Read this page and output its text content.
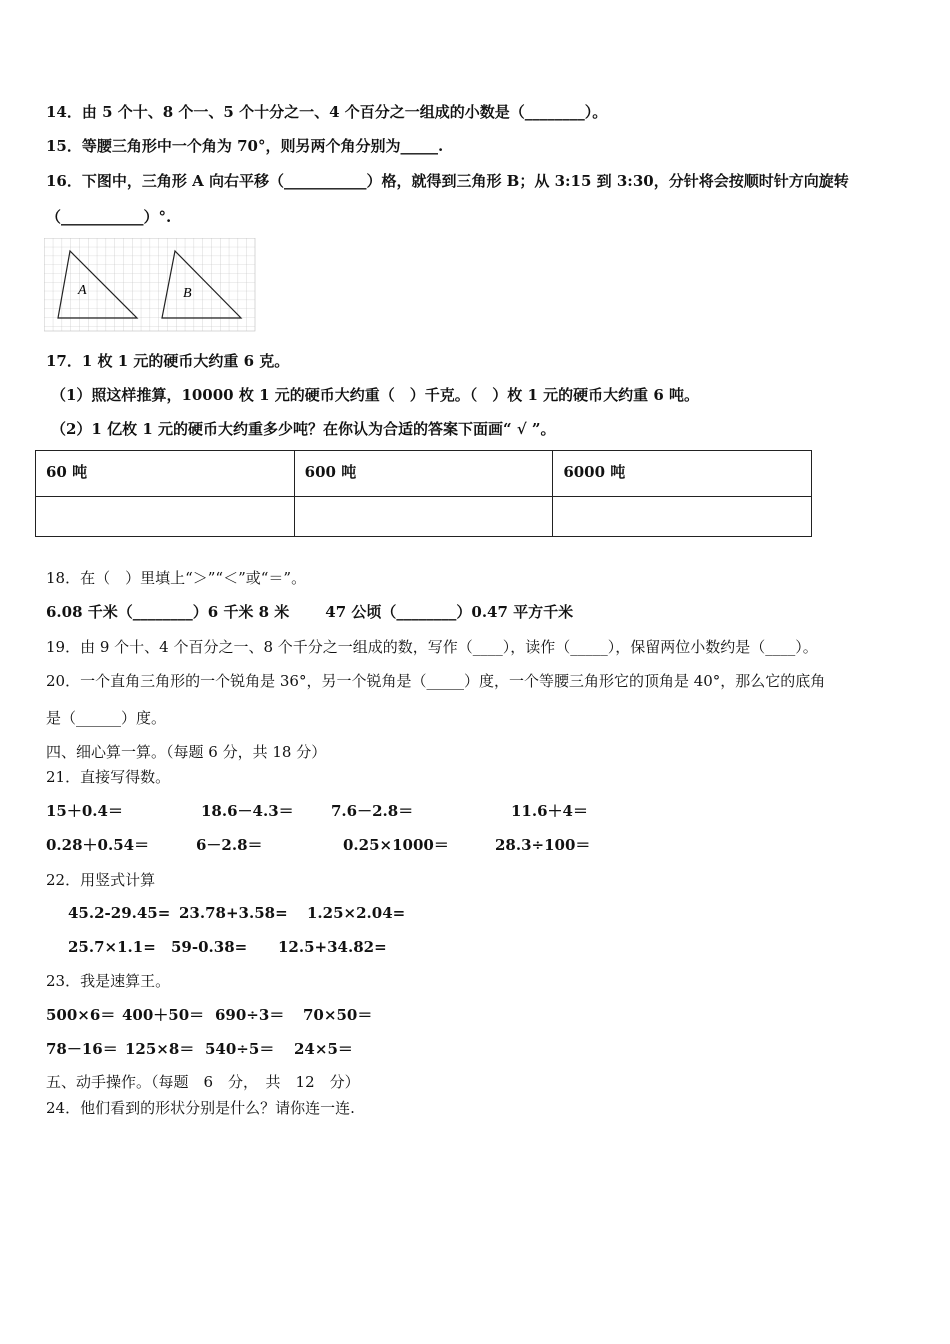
14．由 5 个十、8 个一、5 个十分之一、4 个百分之一组成的小数是（________）。
15．等腰三角形中一个角为 70°，则另两个角分别为_____.
16．下图中，三角形 A 向右平移（___________）格，就得到三角形 B；从 3:15 到 3:30，分针将会按顺时针方向旋转
（___________）°.
A	B
17．1 枚 1 元的硬币大约重 6 克。
（1）照这样推算，10000 枚 1 元的硬币大约重（　）千克。（　）枚 1 元的硬币大约重 6 吨。
（2）1 亿枚 1 元的硬币大约重多少吨？在你认为合适的答案下面画“ √ ”。
60 吨	600 吨	6000 吨

18．在（　）里填上“＞”“＜”或“＝”。
6.08 千米（________）6 千米 8 米 47 公顷（________）0.47 平方千米
19．由 9 个十、4 个百分之一、8 个千分之一组成的数，写作（____），读作（_____），保留两位小数约是（____）。
20．一个直角三角形的一个锐角是 36°，另一个锐角是（_____）度，一个等腰三角形它的顶角是 40°，那么它的底角
是（______）度。
四、细心算一算。（每题 6 分，共 18 分）
21．直接写得数。
15＋0.4＝	18.6－4.3＝ 7.6－2.8＝	11.6＋4＝
0.28＋0.54＝	6－2.8＝	0.25×1000＝	28.3÷100＝
22．用竖式计算
45.2-29.45= 23.78+3.58= 1.25×2.04=
25.7×1.1= 59-0.38= 12.5+34.82=
23．我是速算王。
500×6＝ 400＋50＝ 690÷3＝ 70×50＝
78－16＝ 125×8＝ 540÷5＝ 24×5＝
五、动手操作。（每题　6　分，　共　12　分）
24．他们看到的形状分别是什么？请你连一连.
